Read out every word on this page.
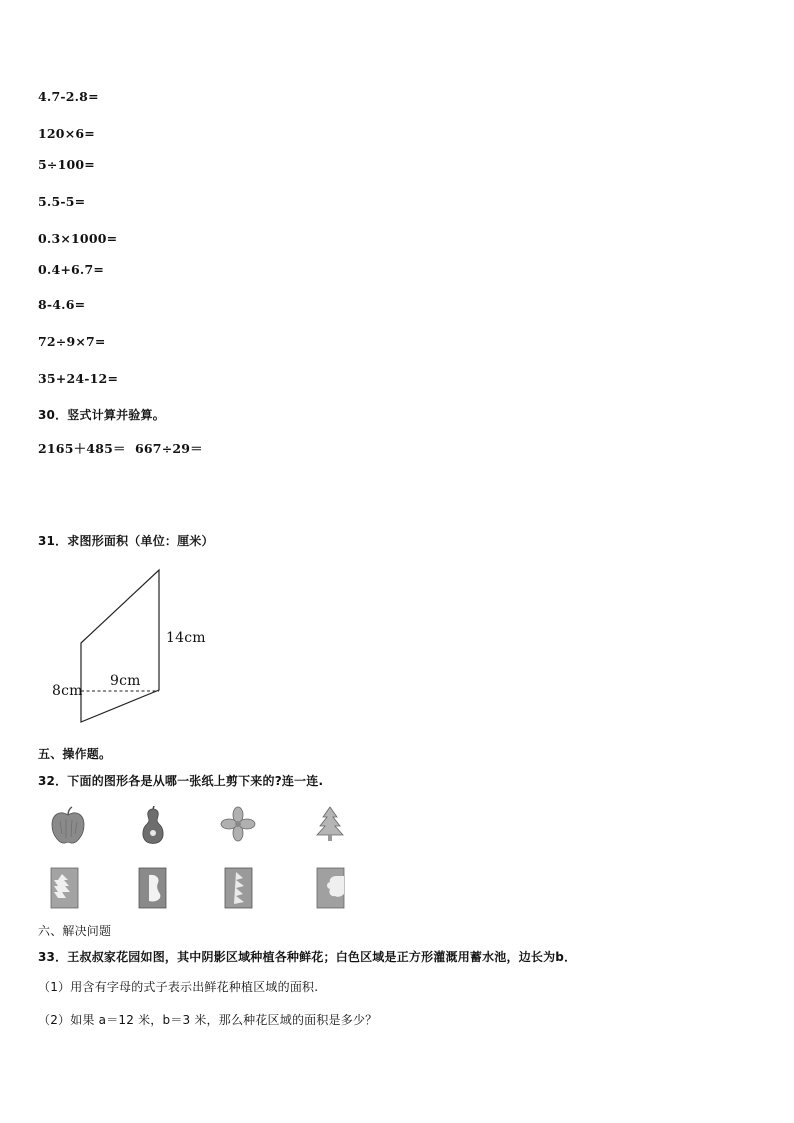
4.7-2.8=
120×6=
5÷100=
5.5-5=
0.3×1000=
0.4+6.7=
8-4.6=
72÷9×7=
35+24-12=
30．竖式计算并验算。
2165＋485＝ 667÷29＝
31．求图形面积（单位：厘米）
14cm
9cm
8cm
五、操作题。
32．下面的图形各是从哪一张纸上剪下来的?连一连.
六、解决问题
33．王叔叔家花园如图，其中阴影区域种植各种鲜花；白色区域是正方形灌溉用蓄水池，边长为b．
（1）用含有字母的式子表示出鲜花种植区域的面积.
（2）如果 a＝12 米，b＝3 米，那么种花区域的面积是多少？
